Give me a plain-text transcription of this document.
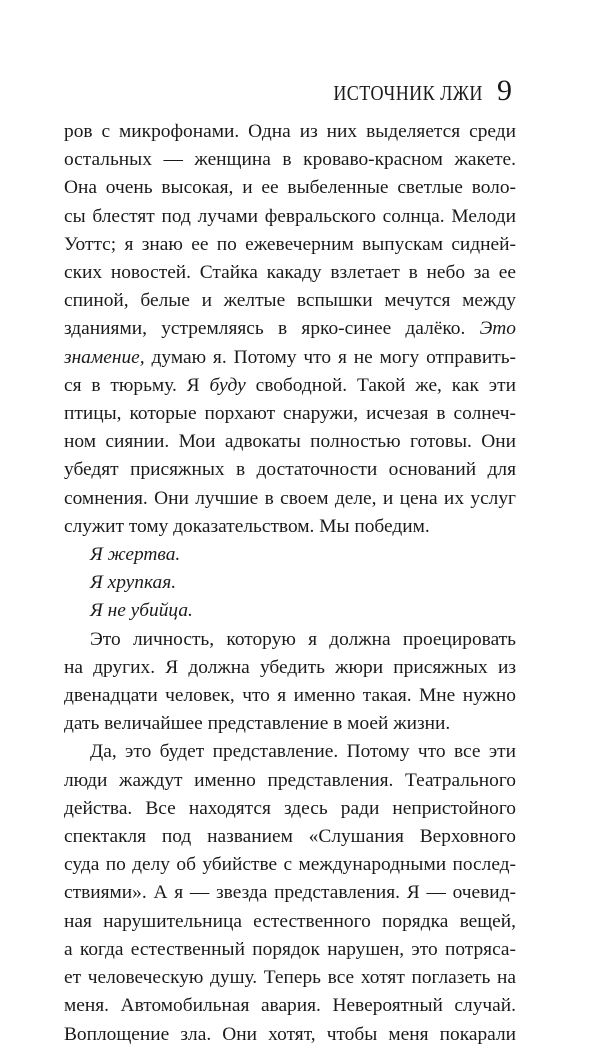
ИСТОЧНИК ЛЖИ 9
ров с микрофонами. Одна из них выделяется среди
остальных — женщина в кроваво-красном жакете.
Она очень высокая, и ее выбеленные светлые воло-
сы блестят под лучами февральского солнца. Мелоди
Уоттс; я знаю ее по ежевечерним выпускам сидней-
ских новостей. Стайка какаду взлетает в небо за ее
спиной, белые и желтые вспышки мечутся между
зданиями, устремляясь в ярко-синее далёко. Это
знамение, думаю я. Потому что я не могу отправить-
ся в тюрьму. Я буду свободной. Такой же, как эти
птицы, которые порхают снаружи, исчезая в солнеч-
ном сиянии. Мои адвокаты полностью готовы. Они
убедят присяжных в достаточности оснований для
сомнения. Они лучшие в своем деле, и цена их услуг
служит тому доказательством. Мы победим.
Я жертва.
Я хрупкая.
Я не убийца.
Это личность, которую я должна проецировать
на других. Я должна убедить жюри присяжных из
двенадцати человек, что я именно такая. Мне нужно
дать величайшее представление в моей жизни.
Да, это будет представление. Потому что все эти
люди жаждут именно представления. Театрального
действа. Все находятся здесь ради непристойного
спектакля под названием «Слушания Верховного
суда по делу об убийстве с международными послед-
ствиями». А я — звезда представления. Я — очевид-
ная нарушительница естественного порядка вещей,
а когда естественный порядок нарушен, это потряса-
ет человеческую душу. Теперь все хотят поглазеть на
меня. Автомобильная авария. Невероятный случай.
Воплощение зла. Они хотят, чтобы меня покарали
